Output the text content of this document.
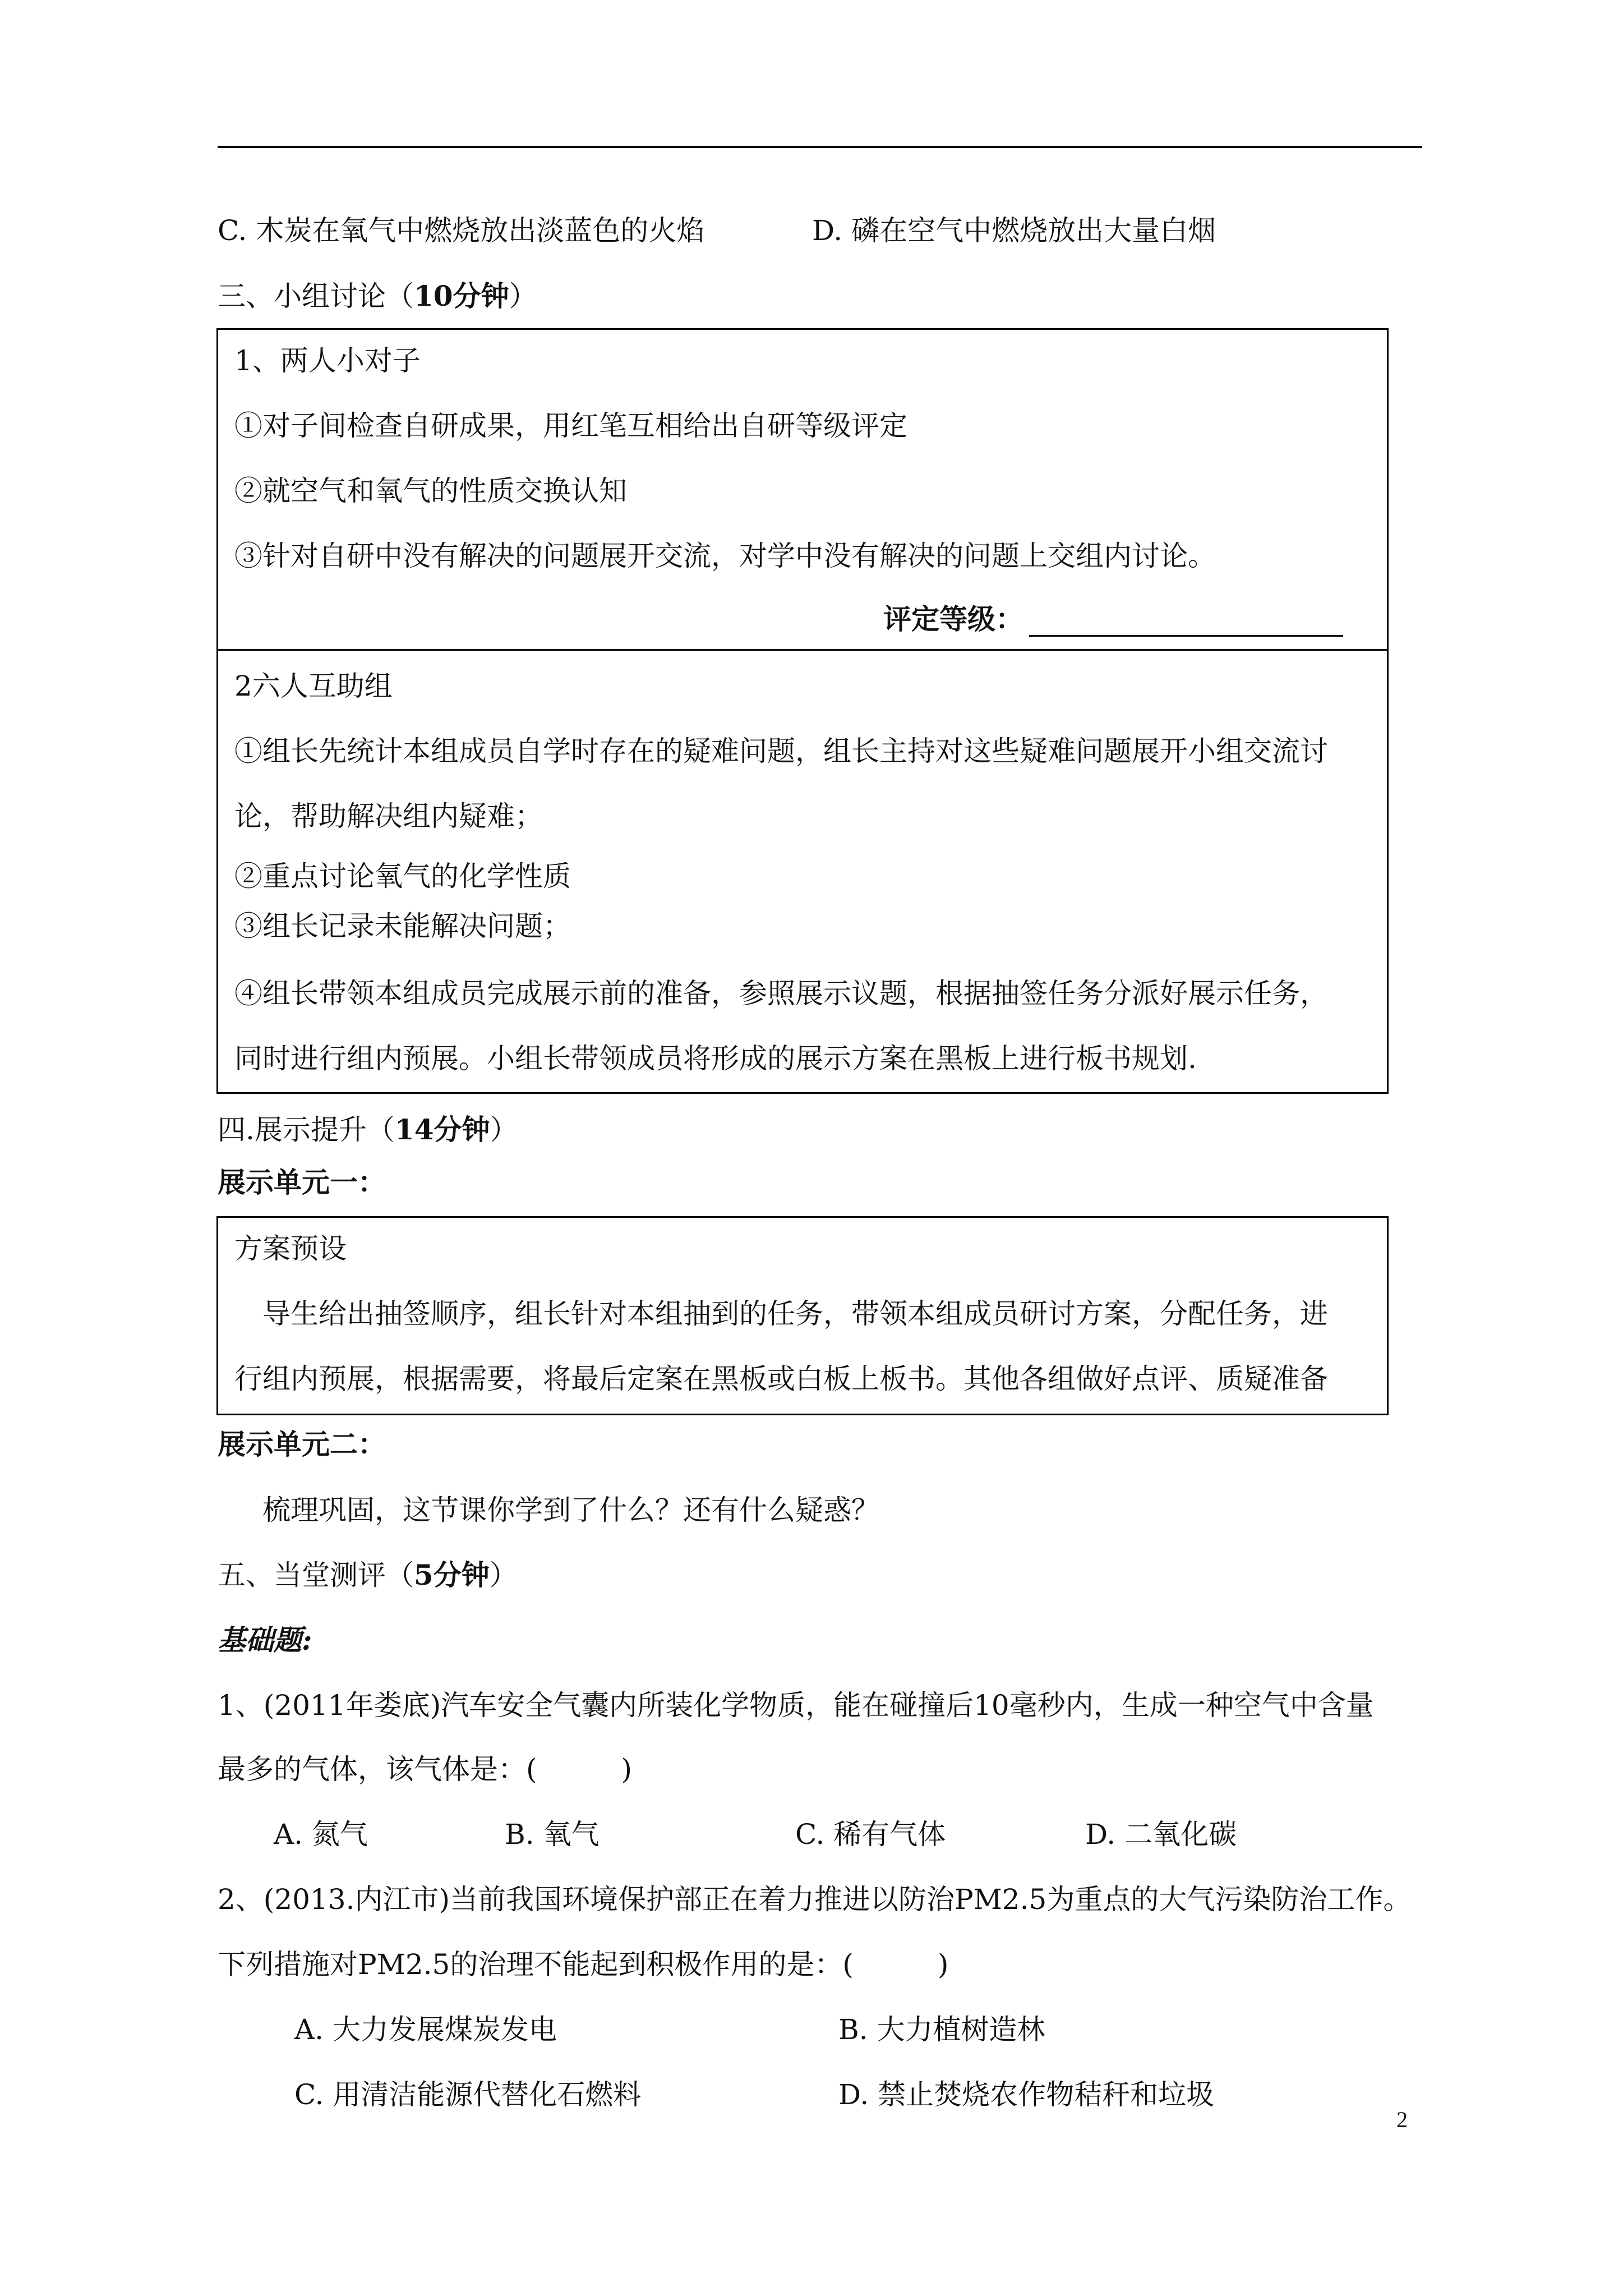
C. 木炭在氧气中燃烧放出淡蓝色的火焰	D. 磷在空气中燃烧放出大量白烟
三、小组讨论（10分钟）
1、两人小对子
①对子间检查自研成果，用红笔互相给出自研等级评定
②就空气和氧气的性质交换认知
③针对自研中没有解决的问题展开交流，对学中没有解决的问题上交组内讨论。
评定等级：
2六人互助组
①组长先统计本组成员自学时存在的疑难问题，组长主持对这些疑难问题展开小组交流讨
论，帮助解决组内疑难；
②重点讨论氧气的化学性质
③组长记录未能解决问题；
④组长带领本组成员完成展示前的准备，参照展示议题，根据抽签任务分派好展示任务，
同时进行组内预展。小组长带领成员将形成的展示方案在黑板上进行板书规划.
四.展示提升（14分钟）
展示单元一：
方案预设
导生给出抽签顺序，组长针对本组抽到的任务，带领本组成员研讨方案，分配任务，进
行组内预展，根据需要，将最后定案在黑板或白板上板书。其他各组做好点评、质疑准备
展示单元二：
梳理巩固，这节课你学到了什么？还有什么疑惑？
五、当堂测评（5分钟）
基础题:
1、(2011年娄底)汽车安全气囊内所装化学物质，能在碰撞后10毫秒内，生成一种空气中含量
最多的气体，该气体是：(　　　)
A. 氮气	B. 氧气	C. 稀有气体	D. 二氧化碳
2、(2013.内江市)当前我国环境保护部正在着力推进以防治PM2.5为重点的大气污染防治工作。
下列措施对PM2.5的治理不能起到积极作用的是：(　　　)
A. 大力发展煤炭发电	B. 大力植树造林
C. 用清洁能源代替化石燃料	D. 禁止焚烧农作物秸秆和垃圾
2
